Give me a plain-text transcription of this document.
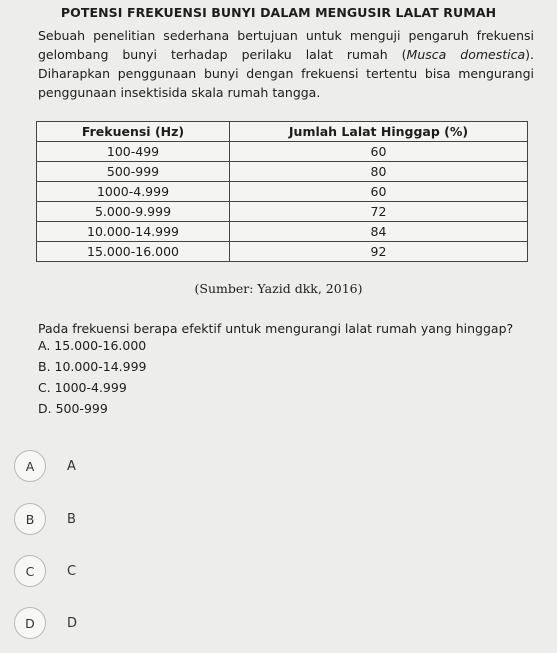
POTENSI FREKUENSI BUNYI DALAM MENGUSIR LALAT RUMAH
Sebuah penelitian sederhana bertujuan untuk menguji pengaruh frekuensi gelombang bunyi terhadap perilaku lalat rumah (Musca domestica). Diharapkan penggunaan bunyi dengan frekuensi tertentu bisa mengurangi penggunaan insektisida skala rumah tangga.
Frekuensi (Hz)	Jumlah Lalat Hinggap (%)
100-499	60
500-999	80
1000-4.999	60
5.000-9.999	72
10.000-14.999	84
15.000-16.000	92
(Sumber: Yazid dkk, 2016)
Pada frekuensi berapa efektif untuk mengurangi lalat rumah yang hinggap?
A. 15.000-16.000
B. 10.000-14.999
C. 1000-4.999
D. 500-999
A	A
B	B
C	C
D	D
